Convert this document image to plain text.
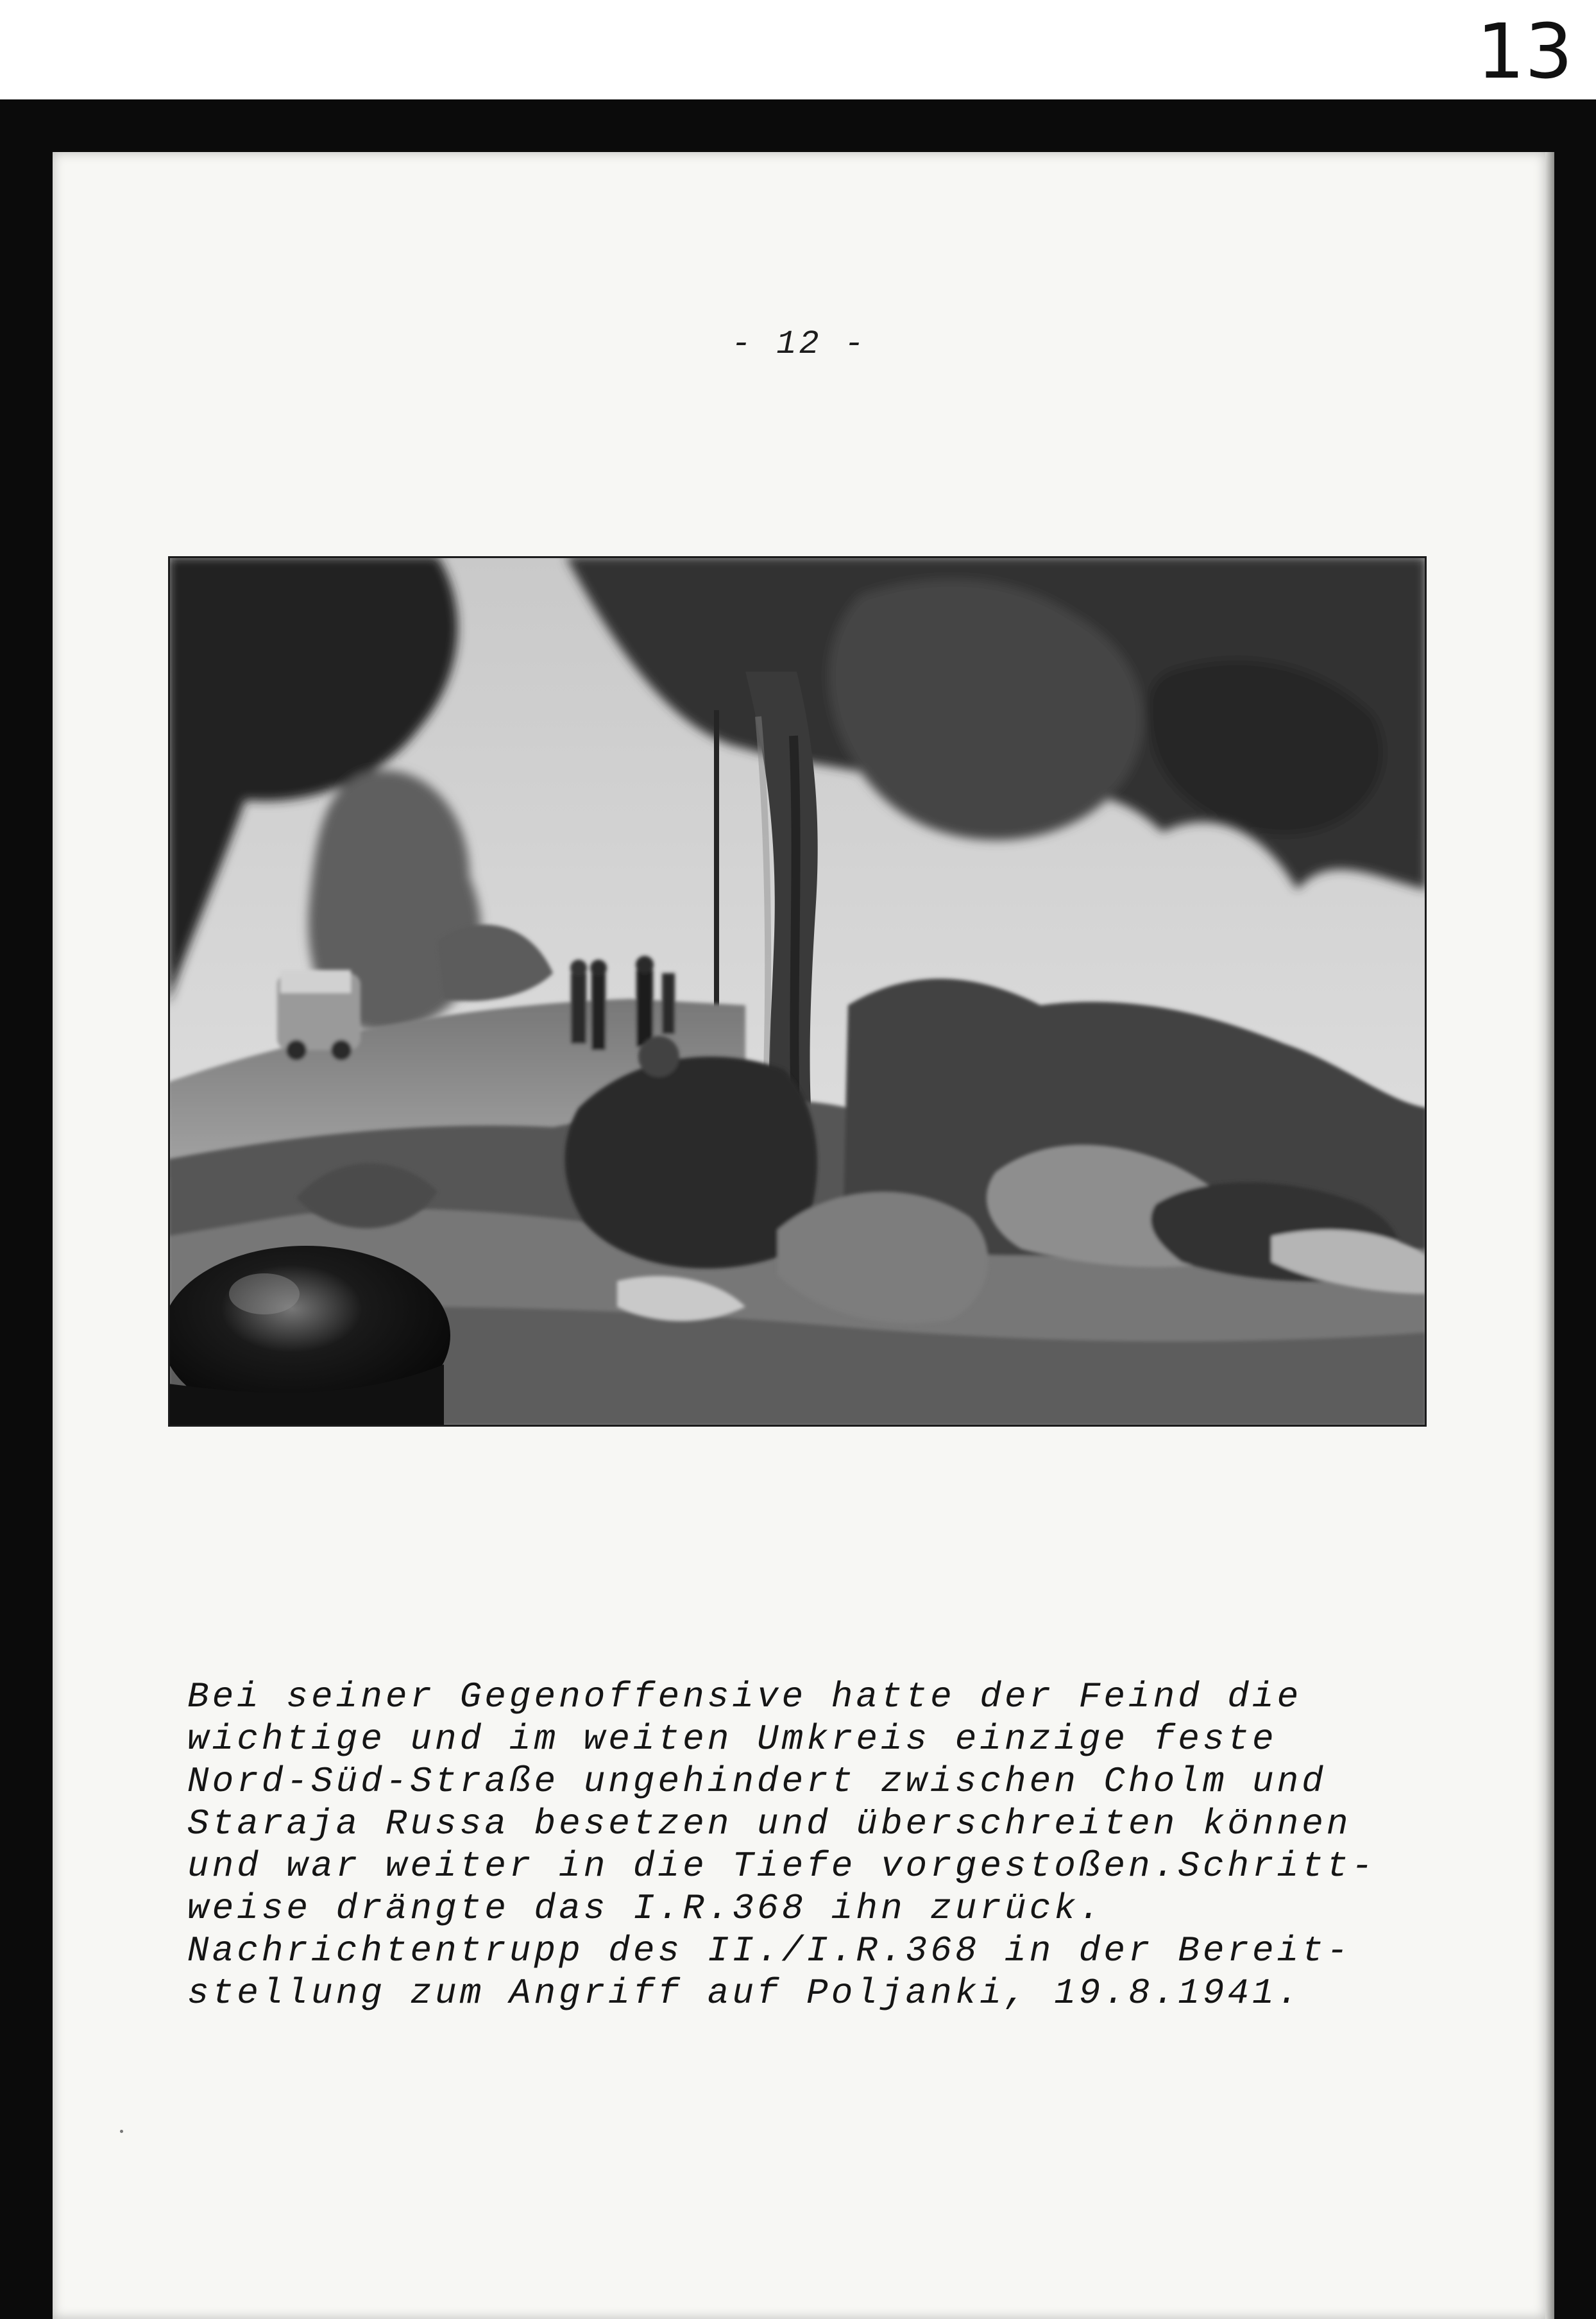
13
- 12 -

Bei seiner Gegenoffensive hatte der Feind die
wichtige und im weiten Umkreis einzige feste
Nord-Süd-Straße ungehindert zwischen Cholm und
Staraja Russa besetzen und überschreiten können
und war weiter in die Tiefe vorgestoßen.Schritt-
weise drängte das I.R.368 ihn zurück.
Nachrichtentrupp des II./I.R.368 in der Bereit-
stellung zum Angriff auf Poljanki, 19.8.1941.
